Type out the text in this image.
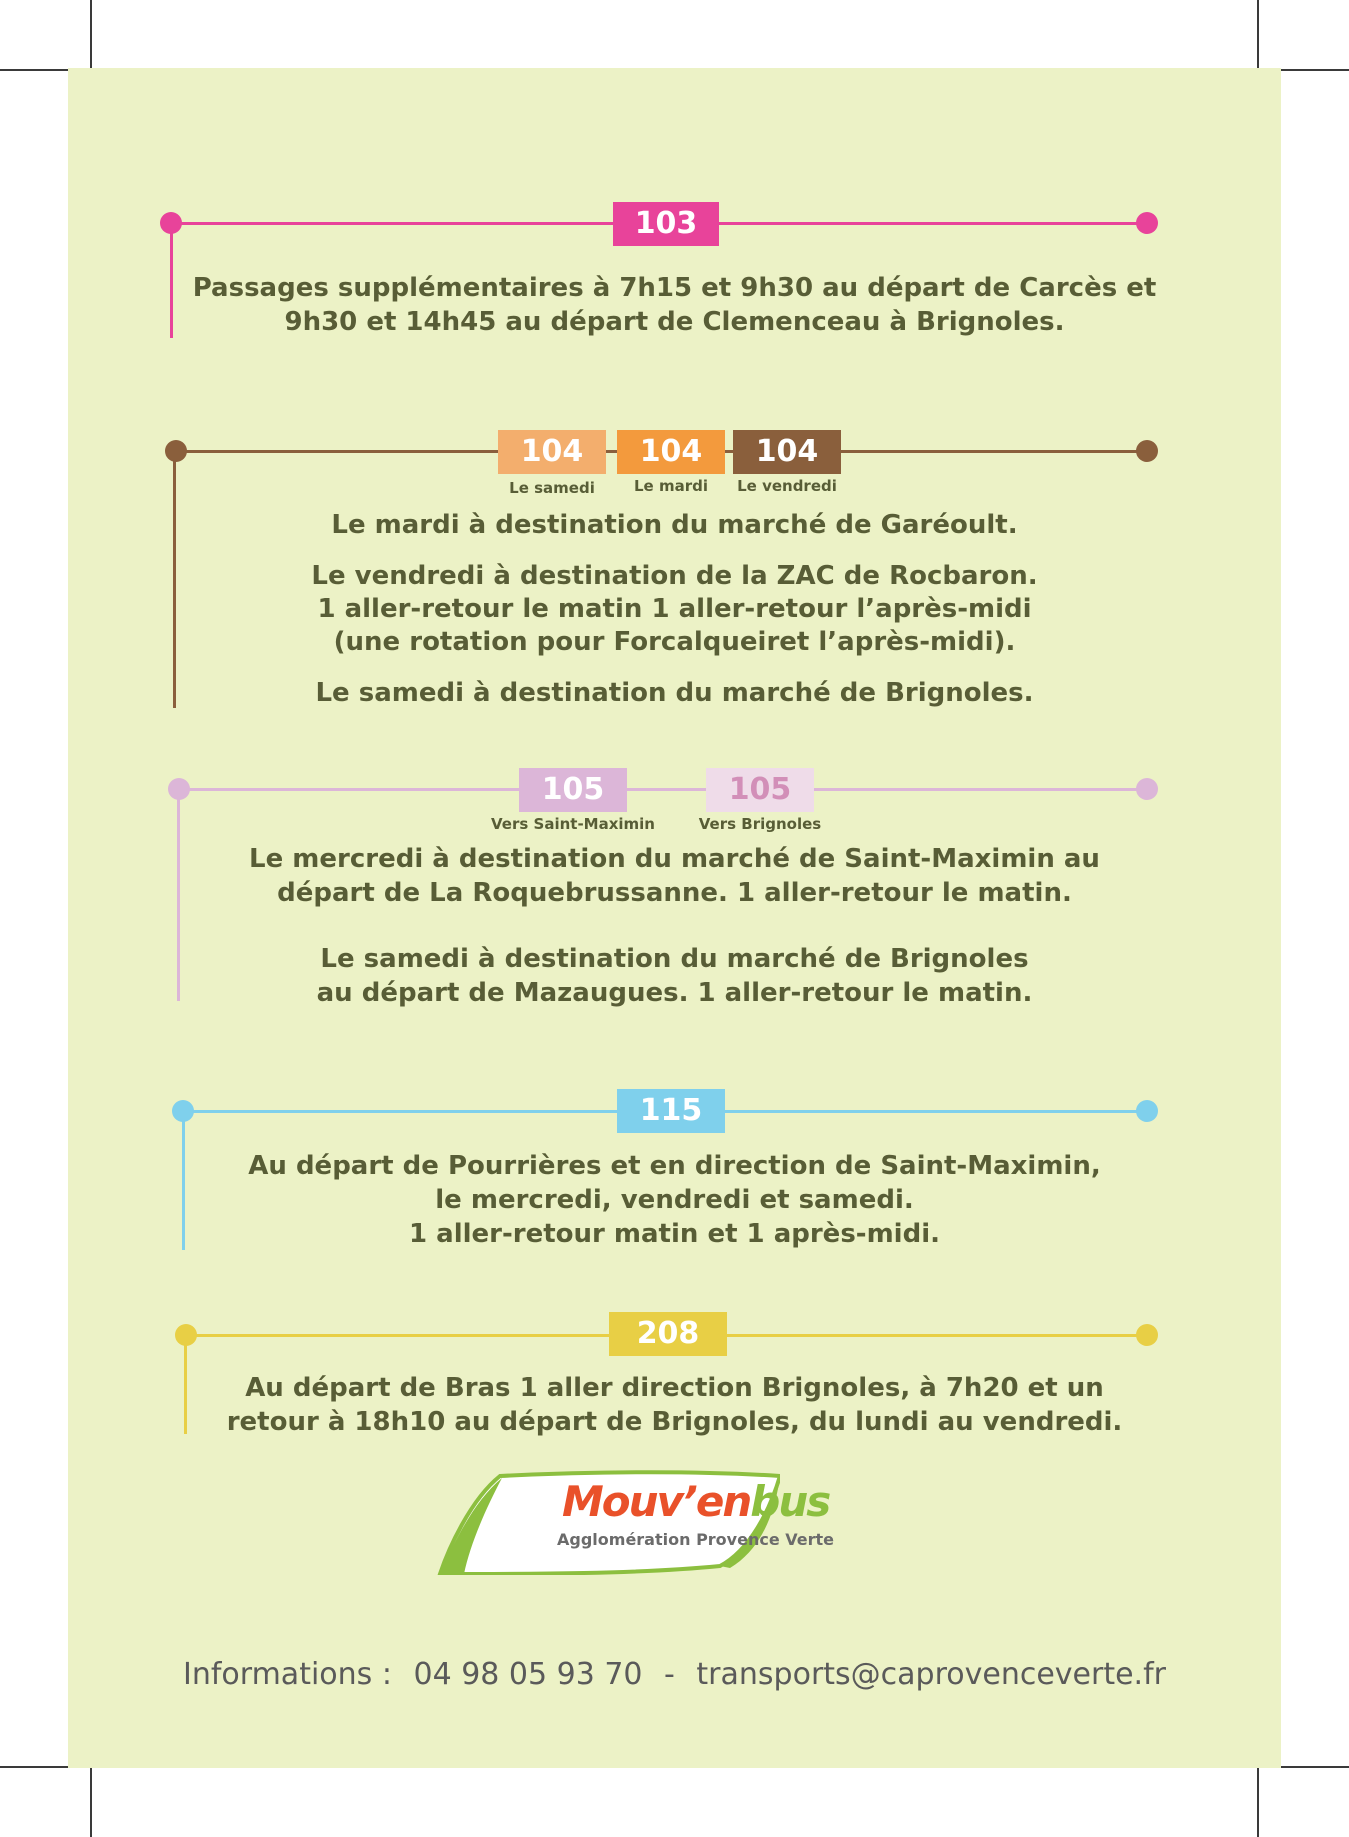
103
Passages supplémentaires à 7h15 et 9h30 au départ de Carcès et
9h30 et 14h45 au départ de Clemenceau à Brignoles.
104
Le samedi
104
Le mardi
104
Le vendredi
Le mardi à destination du marché de Garéoult.
Le vendredi à destination de la ZAC de Rocbaron.
1 aller-retour le matin 1 aller-retour l’après-midi
(une rotation pour Forcalqueiret l’après-midi).
Le samedi à destination du marché de Brignoles.
105
Vers Saint-Maximin
105
Vers Brignoles
Le mercredi à destination du marché de Saint-Maximin au
départ de La Roquebrussanne. 1 aller-retour le matin.
Le samedi à destination du marché de Brignoles
au départ de Mazaugues. 1 aller-retour le matin.
115
Au départ de Pourrières et en direction de Saint-Maximin,
le mercredi, vendredi et samedi.
1 aller-retour matin et 1 après-midi.
208
Au départ de Bras 1 aller direction Brignoles, à 7h20 et un
retour à 18h10 au départ de Brignoles, du lundi au vendredi.
Mouv’enbus
Agglomération Provence Verte
Informations : 04 98 05 93 70 - transports@caprovenceverte.fr
